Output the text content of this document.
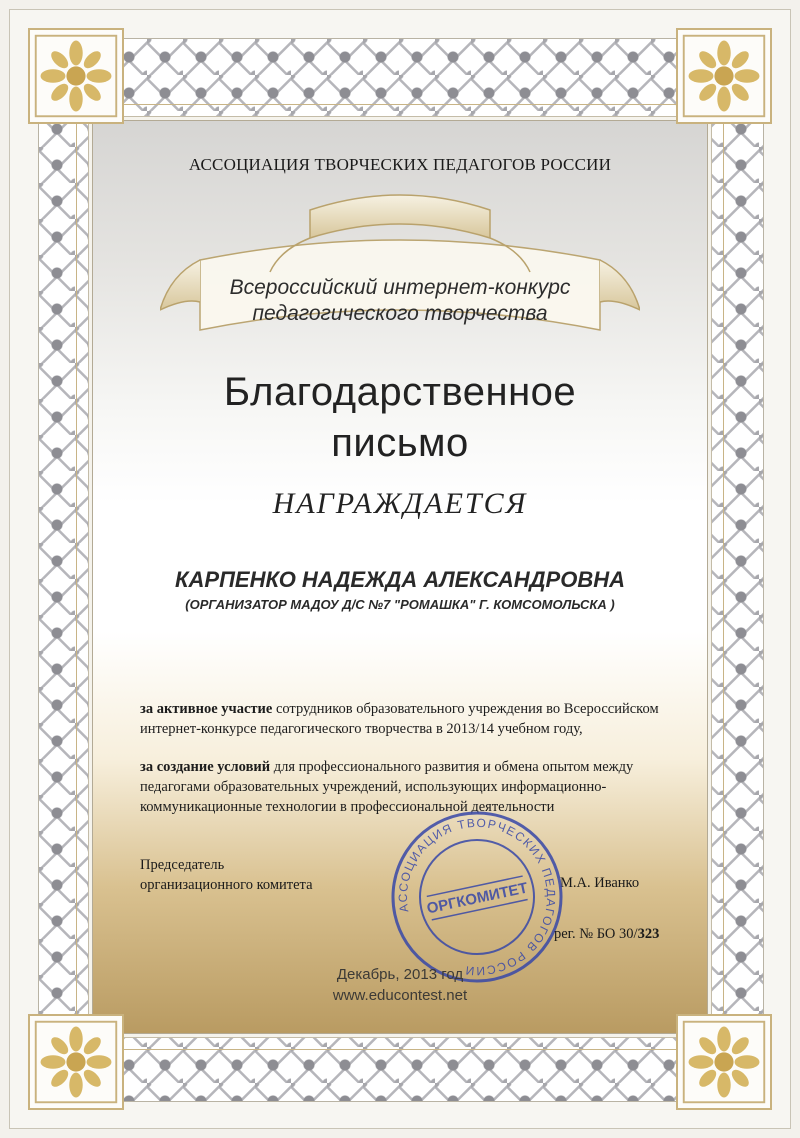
АССОЦИАЦИЯ ТВОРЧЕСКИХ ПЕДАГОГОВ РОССИИ
Всероссийский интернет-конкурс
педагогического творчества
Благодарственное
письмо
НАГРАЖДАЕТСЯ
КАРПЕНКО НАДЕЖДА АЛЕКСАНДРОВНА
(ОРГАНИЗАТОР МАДОУ Д/С №7 "РОМАШКА" Г. КОМСОМОЛЬСКА )
за активное участие сотрудников образовательного учреждения во Всероссийском интернет-конкурсе педагогического творчества в 2013/14 учебном году,
за создание условий для профессионального развития и обмена опытом между педагогами образовательных учреждений, использующих информационно-коммуникационные технологии в профессиональной деятельности
Председатель
организационного комитета	М.А. Иванко
АССОЦИАЦИЯ ТВОРЧЕСКИХ ПЕДАГОГОВ РОССИИ
ОРГКОМИТЕТ
рег. № БО 30/323
Декабрь, 2013 год
www.educontest.net
